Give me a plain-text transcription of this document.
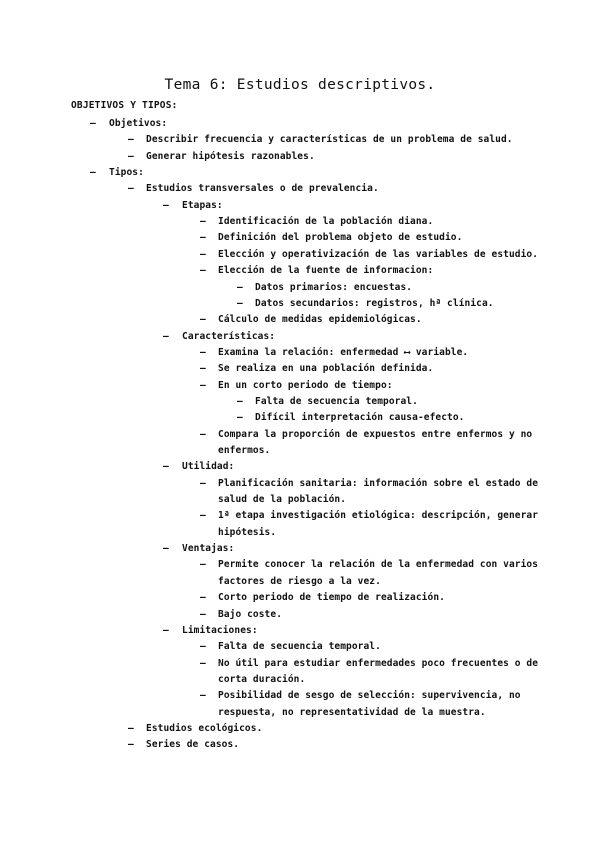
Tema 6: Estudios descriptivos.
OBJETIVOS Y TIPOS:
– Objetivos:
– Describir frecuencia y características de un problema de salud.
– Generar hipótesis razonables.
– Tipos:
– Estudios transversales o de prevalencia.
– Etapas:
– Identificación de la población diana.
– Definición del problema objeto de estudio.
– Elección y operativización de las variables de estudio.
– Elección de la fuente de informacion:
– Datos primarios: encuestas.
– Datos secundarios: registros, hª clínica.
– Cálculo de medidas epidemiológicas.
– Características:
– Examina la relación: enfermedad ⟷ variable.
– Se realiza en una población definida.
– En un corto periodo de tiempo:
– Falta de secuencia temporal.
– Difícil interpretación causa-efecto.
– Compara la proporción de expuestos entre enfermos y no
enfermos.
– Utilidad:
– Planificación sanitaria: información sobre el estado de
salud de la población.
– 1ª etapa investigación etiológica: descripción, generar
hipótesis.
– Ventajas:
– Permite conocer la relación de la enfermedad con varios
factores de riesgo a la vez.
– Corto periodo de tiempo de realización.
– Bajo coste.
– Limitaciones:
– Falta de secuencia temporal.
– No útil para estudiar enfermedades poco frecuentes o de
corta duración.
– Posibilidad de sesgo de selección: supervivencia, no
respuesta, no representatividad de la muestra.
– Estudios ecológicos.
– Series de casos.
